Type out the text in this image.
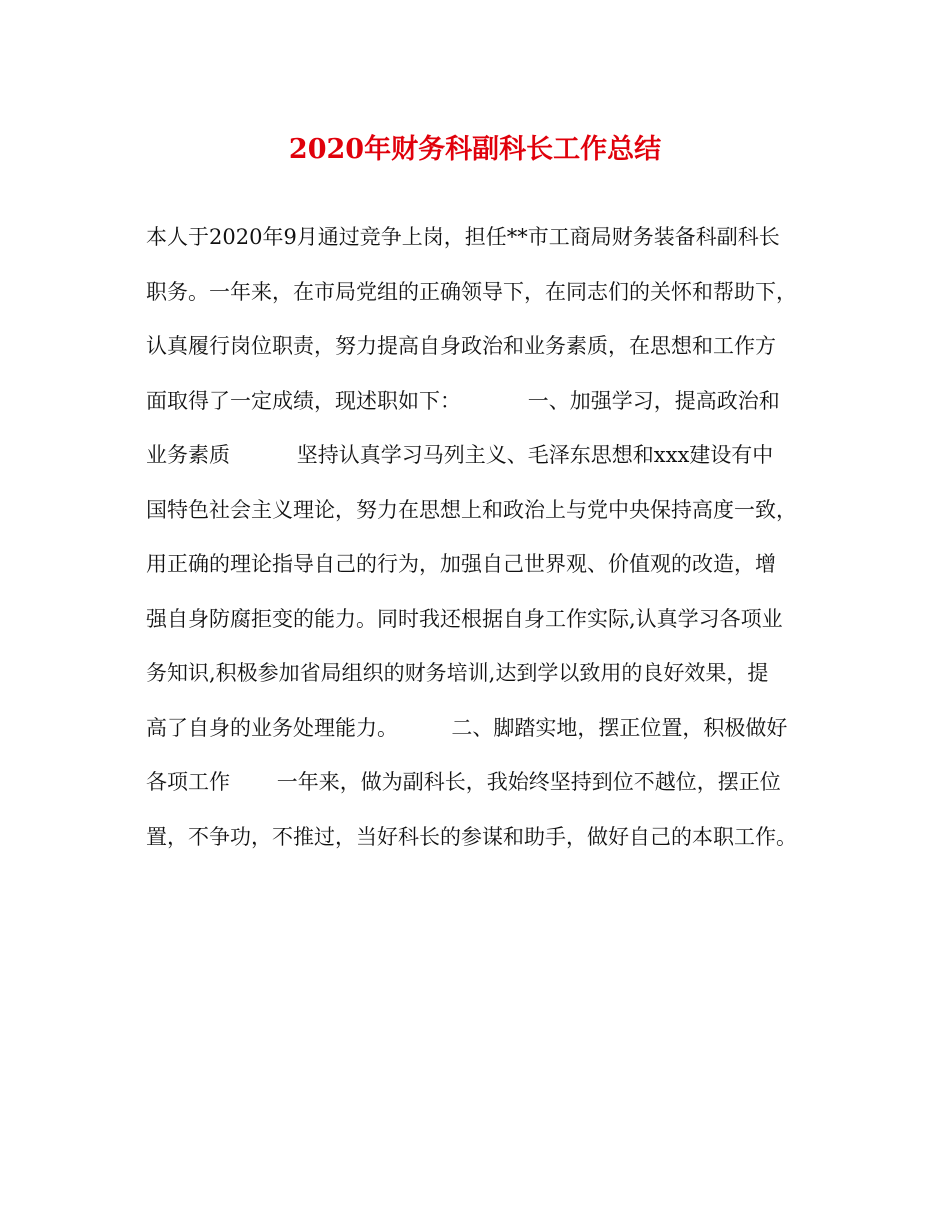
2020年财务科副科长工作总结
本人于2020年9月通过竞争上岗，担任**市工商局财务装备科副科长
职务。一年来，在市局党组的正确领导下，在同志们的关怀和帮助下，
认真履行岗位职责，努力提高自身政治和业务素质，在思想和工作方
面取得了一定成绩，现述职如下：          一、加强学习，提高政治和
业务素质          坚持认真学习马列主义、毛泽东思想和xxx建设有中
国特色社会主义理论，努力在思想上和政治上与党中央保持高度一致，
用正确的理论指导自己的行为，加强自己世界观、价值观的改造，增
强自身防腐拒变的能力。同时我还根据自身工作实际,认真学习各项业
务知识,积极参加省局组织的财务培训,达到学以致用的良好效果，提
高了自身的业务处理能力。        二、脚踏实地，摆正位置，积极做好
各项工作       一年来，做为副科长，我始终坚持到位不越位，摆正位
置，不争功，不推过，当好科长的参谋和助手，做好自己的本职工作。
